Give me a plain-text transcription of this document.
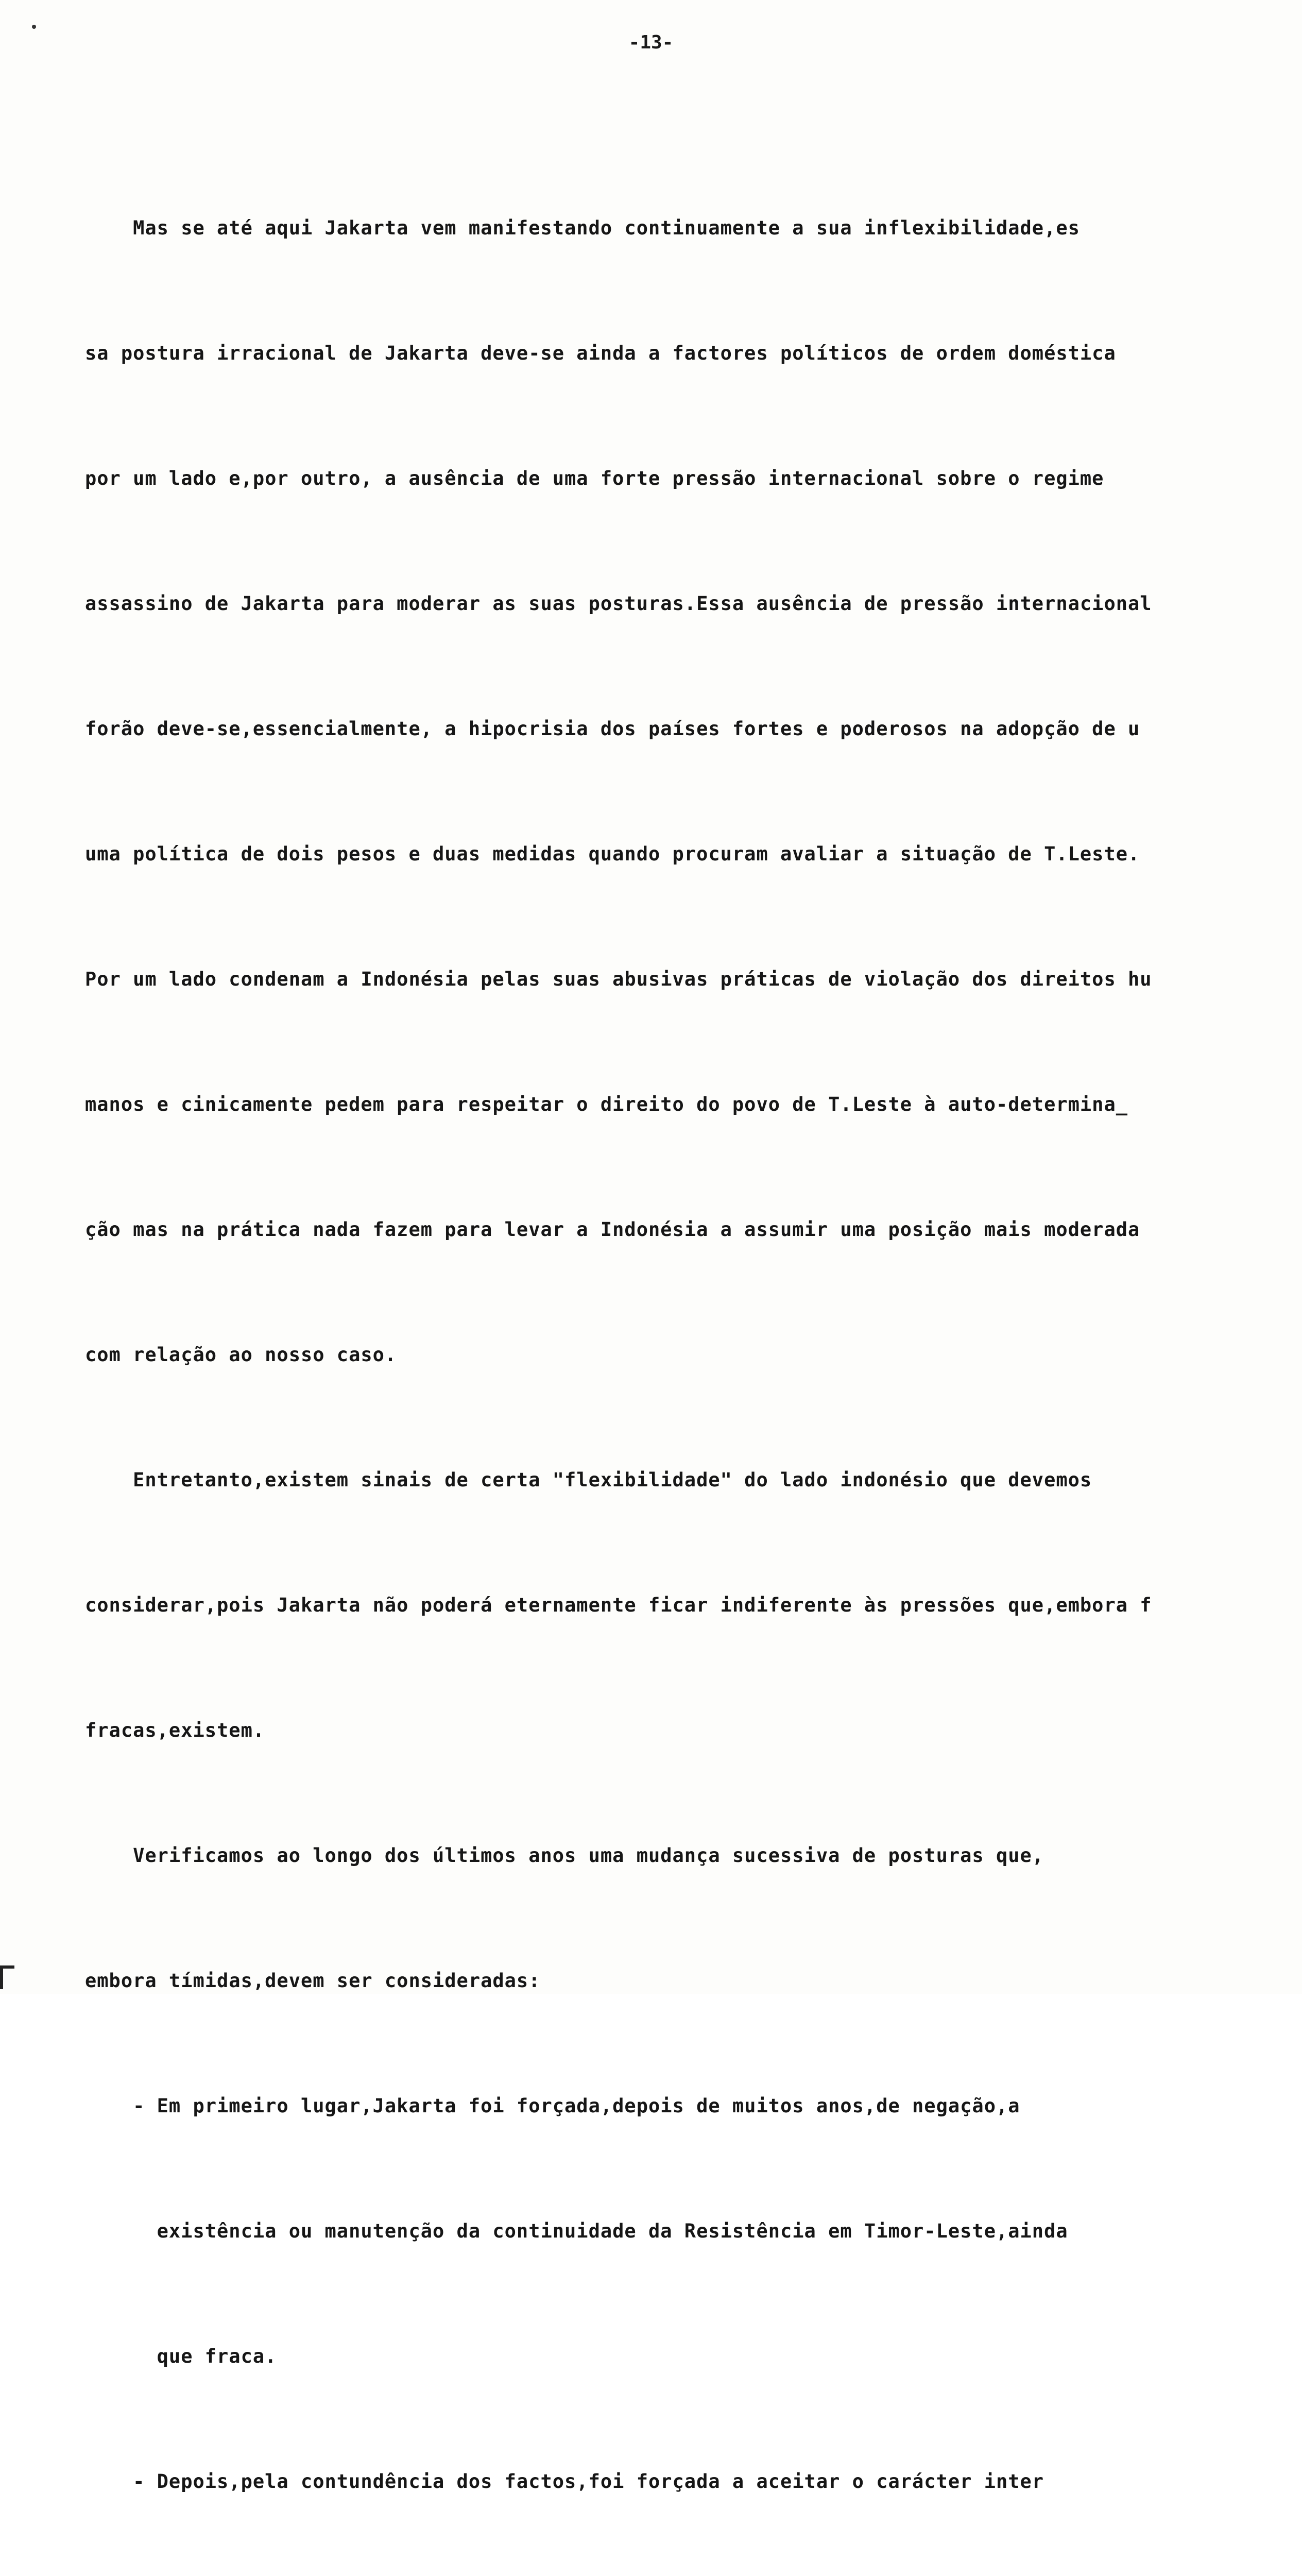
-13-

Mas se até aqui Jakarta vem manifestando continuamente a sua inflexibilidade,es

sa postura irracional de Jakarta deve-se ainda a factores políticos de ordem doméstica

por um lado e,por outro, a ausência de uma forte pressão internacional sobre o regime

assassino de Jakarta para moderar as suas posturas.Essa ausência de pressão internacional

forão deve-se,essencialmente, a hipocrisia dos países fortes e poderosos na adopção de u

uma política de dois pesos e duas medidas quando procuram avaliar a situação de T.Leste.

Por um lado condenam a Indonésia pelas suas abusivas práticas de violação dos direitos hu

manos e cinicamente pedem para respeitar o direito do povo de T.Leste à auto-determina_

ção mas na prática nada fazem para levar a Indonésia a assumir uma posição mais moderada

com relação ao nosso caso.

Entretanto,existem sinais de certa "flexibilidade" do lado indonésio que devemos

considerar,pois Jakarta não poderá eternamente ficar indiferente às pressões que,embora f

fracas,existem.

Verificamos ao longo dos últimos anos uma mudança sucessiva de posturas que,

embora tímidas,devem ser consideradas:

- Em primeiro lugar,Jakarta foi forçada,depois de muitos anos,de negação,a

existência ou manutenção da continuidade da Resistência em Timor-Leste,ainda

que fraca.

- Depois,pela contundência dos factos,foi forçada a aceitar o carácter inter
